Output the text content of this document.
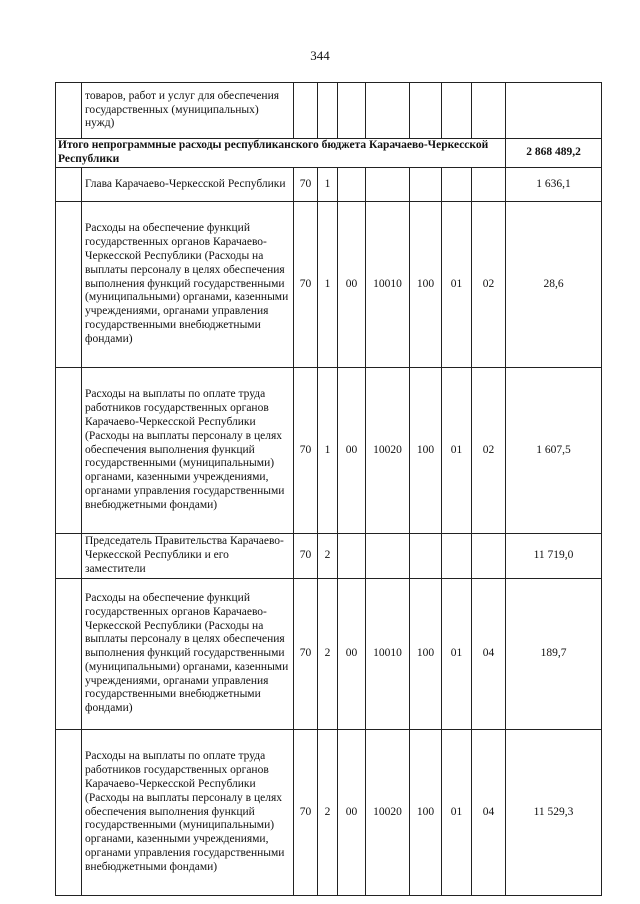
344
	товаров, работ и услуг для обеспечения государственных (муниципальных) нужд)								
Итого непрограммные расходы республиканского бюджета Карачаево-Черкесской Республики									2 868 489,2
	Глава Карачаево-Черкесской Республики	70	1						1 636,1
	Расходы на обеспечение функций государственных органов Карачаево-Черкесской Республики (Расходы на выплаты персоналу в целях обеспечения выполнения функций государственными (муниципальными) органами, казенными учреждениями, органами управления государственными внебюджетными фондами)	70	1	00	10010	100	01	02	28,6
	Расходы на выплаты по оплате труда работников государственных органов Карачаево-Черкесской Республики (Расходы на выплаты персоналу в целях обеспечения выполнения функций государственными (муниципальными) органами, казенными учреждениями, органами управления государственными внебюджетными фондами)	70	1	00	10020	100	01	02	1 607,5
	Председатель Правительства Карачаево-Черкесской Республики и его заместители	70	2						11 719,0
	Расходы на обеспечение функций государственных органов Карачаево-Черкесской Республики (Расходы на выплаты персоналу в целях обеспечения выполнения функций государственными (муниципальными) органами, казенными учреждениями, органами управления государственными внебюджетными фондами)	70	2	00	10010	100	01	04	189,7
	Расходы на выплаты по оплате труда работников государственных органов Карачаево-Черкесской Республики (Расходы на выплаты персоналу в целях обеспечения выполнения функций государственными (муниципальными) органами, казенными учреждениями, органами управления государственными внебюджетными фондами)	70	2	00	10020	100	01	04	11 529,3
